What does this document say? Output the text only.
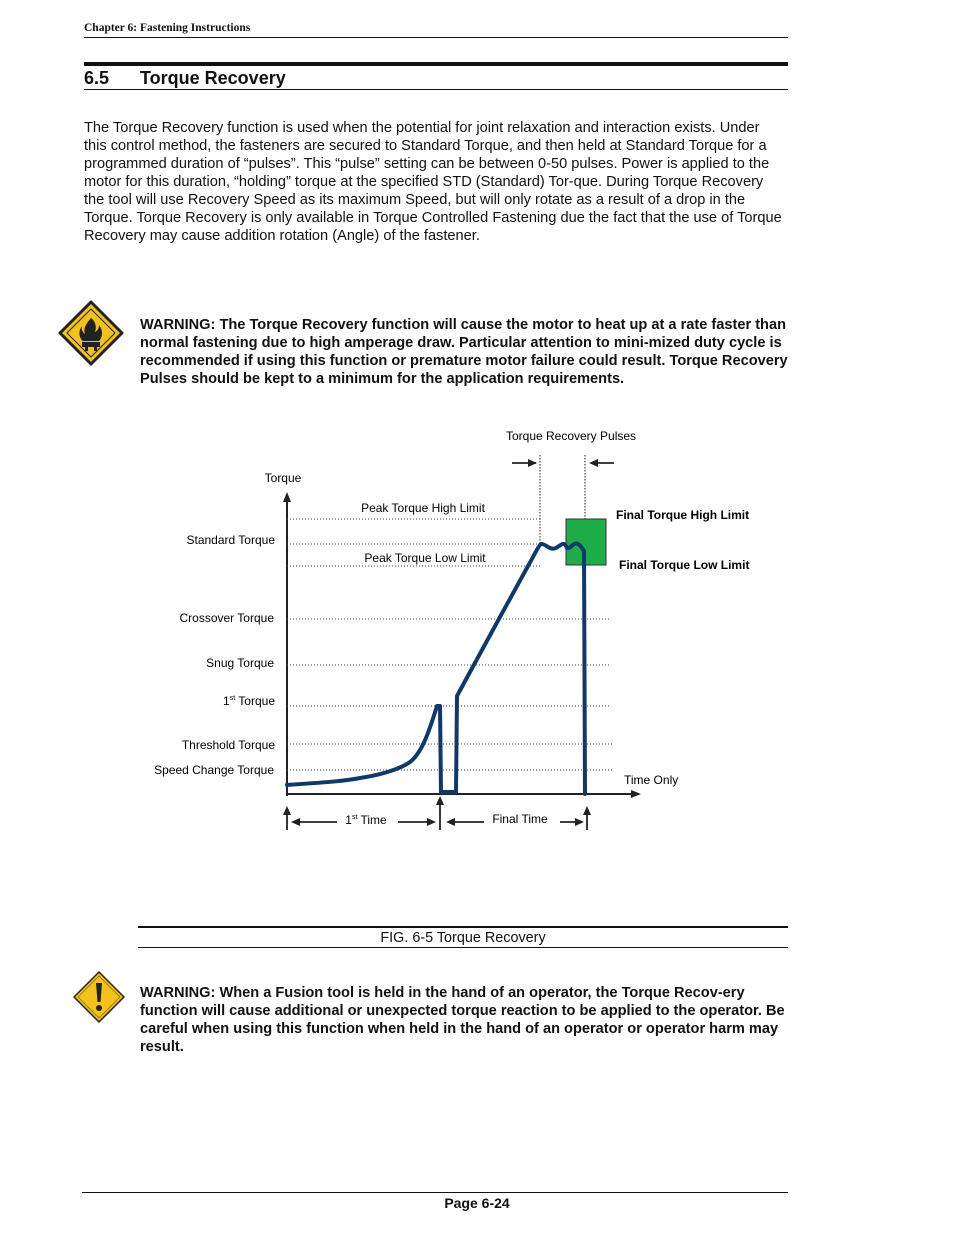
Chapter 6: Fastening Instructions
6.5 Torque Recovery
The Torque Recovery function is used when the potential for joint relaxation and interaction exists. Under this control method, the fasteners are secured to Standard Torque, and then held at Standard Torque for a programmed duration of “pulses”. This “pulse” setting can be between 0-50 pulses. Power is applied to the motor for this duration, “holding” torque at the specified STD (Standard) Tor-que. During Torque Recovery the tool will use Recovery Speed as its maximum Speed, but will only rotate as a result of a drop in the Torque. Torque Recovery is only available in Torque Controlled Fastening due the fact that the use of Torque Recovery may cause addition rotation (Angle) of the fastener.
WARNING: The Torque Recovery function will cause the motor to heat up at a rate faster than normal fastening due to high amperage draw. Particular attention to mini-mized duty cycle is recommended if using this function or premature motor failure could result. Torque Recovery Pulses should be kept to a minimum for the application requirements.
Torque Recovery Pulses
Torque
Time Only
Peak Torque High Limit
Peak Torque Low Limit
Standard Torque
Crossover Torque
Snug Torque
1st Torque
Threshold Torque
Speed Change Torque
Final Torque High Limit
Final Torque Low Limit
1st Time	Final Time
FIG. 6-5 Torque Recovery
WARNING: When a Fusion tool is held in the hand of an operator, the Torque Recov-ery function will cause additional or unexpected torque reaction to be applied to the operator. Be careful when using this function when held in the hand of an operator or operator harm may result.
Page 6-24
